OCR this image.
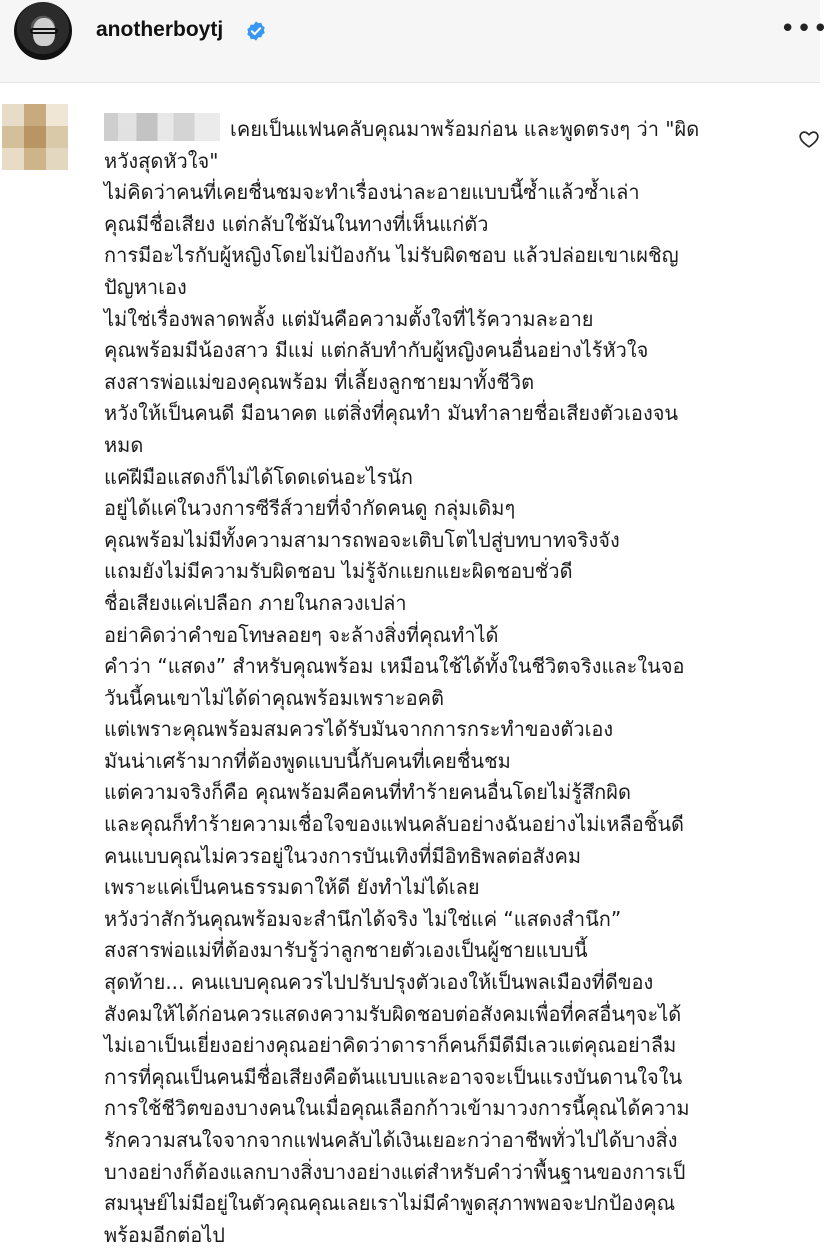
anotherboytj	•••
เคยเป็นแฟนคลับคุณมาพร้อมก่อน และพูดตรงๆ ว่า "ผิด
หวังสุดหัวใจ"
ไม่คิดว่าคนที่เคยชื่นชมจะทำเรื่องน่าละอายแบบนี้ซ้ำแล้วซ้ำเล่า
คุณมีชื่อเสียง แต่กลับใช้มันในทางที่เห็นแก่ตัว
การมีอะไรกับผู้หญิงโดยไม่ป้องกัน ไม่รับผิดชอบ แล้วปล่อยเขาเผชิญ
ปัญหาเอง
ไม่ใช่เรื่องพลาดพลั้ง แต่มันคือความตั้งใจที่ไร้ความละอาย
คุณพร้อมมีน้องสาว มีแม่ แต่กลับทำกับผู้หญิงคนอื่นอย่างไร้หัวใจ
สงสารพ่อแม่ของคุณพร้อม ที่เลี้ยงลูกชายมาทั้งชีวิต
หวังให้เป็นคนดี มีอนาคต แต่สิ่งที่คุณทำ มันทำลายชื่อเสียงตัวเองจน
หมด
แค่ฝีมือแสดงก็ไม่ได้โดดเด่นอะไรนัก
อยู่ได้แค่ในวงการซีรีส์วายที่จำกัดคนดู กลุ่มเดิมๆ
คุณพร้อมไม่มีทั้งความสามารถพอจะเติบโตไปสู่บทบาทจริงจัง
แถมยังไม่มีความรับผิดชอบ ไม่รู้จักแยกแยะผิดชอบชั่วดี
ชื่อเสียงแค่เปลือก ภายในกลวงเปล่า
อย่าคิดว่าคำขอโทษลอยๆ จะล้างสิ่งที่คุณทำได้
คำว่า “แสดง” สำหรับคุณพร้อม เหมือนใช้ได้ทั้งในชีวิตจริงและในจอ
วันนี้คนเขาไม่ได้ด่าคุณพร้อมเพราะอคติ
แต่เพราะคุณพร้อมสมควรได้รับมันจากการกระทำของตัวเอง
มันน่าเศร้ามากที่ต้องพูดแบบนี้กับคนที่เคยชื่นชม
แต่ความจริงก็คือ คุณพร้อมคือคนที่ทำร้ายคนอื่นโดยไม่รู้สึกผิด
และคุณก็ทำร้ายความเชื่อใจของแฟนคลับอย่างฉันอย่างไม่เหลือชิ้นดี
คนแบบคุณไม่ควรอยู่ในวงการบันเทิงที่มีอิทธิพลต่อสังคม
เพราะแค่เป็นคนธรรมดาให้ดี ยังทำไม่ได้เลย
หวังว่าสักวันคุณพร้อมจะสำนึกได้จริง ไม่ใช่แค่ “แสดงสำนึก”
สงสารพ่อแม่ที่ต้องมารับรู้ว่าลูกชายตัวเองเป็นผู้ชายแบบนี้
สุดท้าย... คนแบบคุณควรไปปรับปรุงตัวเองให้เป็นพลเมืองที่ดีของ
สังคมให้ได้ก่อนควรแสดงความรับผิดชอบต่อสังคมเพื่อที่คสอื่นๆจะได้
ไม่เอาเป็นเยี่ยงอย่างคุณอย่าคิดว่าดาราก็คนก็มีดีมีเลวแต่คุณอย่าลืม
การที่คุณเป็นคนมีชื่อเสียงคือต้นแบบและอาจจะเป็นแรงบันดานใจใน
การใช้ชีวิตของบางคนในเมื่อคุณเลือกก้าวเข้ามาวงการนี้คุณได้ความ
รักความสนใจจากจากแฟนคลับได้เงินเยอะกว่าอาชีพทั่วไปได้บางสิ่ง
บางอย่างก็ต้องแลกบางสิ่งบางอย่างแต่สำหรับคำว่าพื้นฐานของการเป็
สมนุษย์ไม่มีอยู่ในตัวคุณคุณเลยเราไม่มีคำพูดสุภาพพอจะปกป้องคุณ
พร้อมอีกต่อไป
